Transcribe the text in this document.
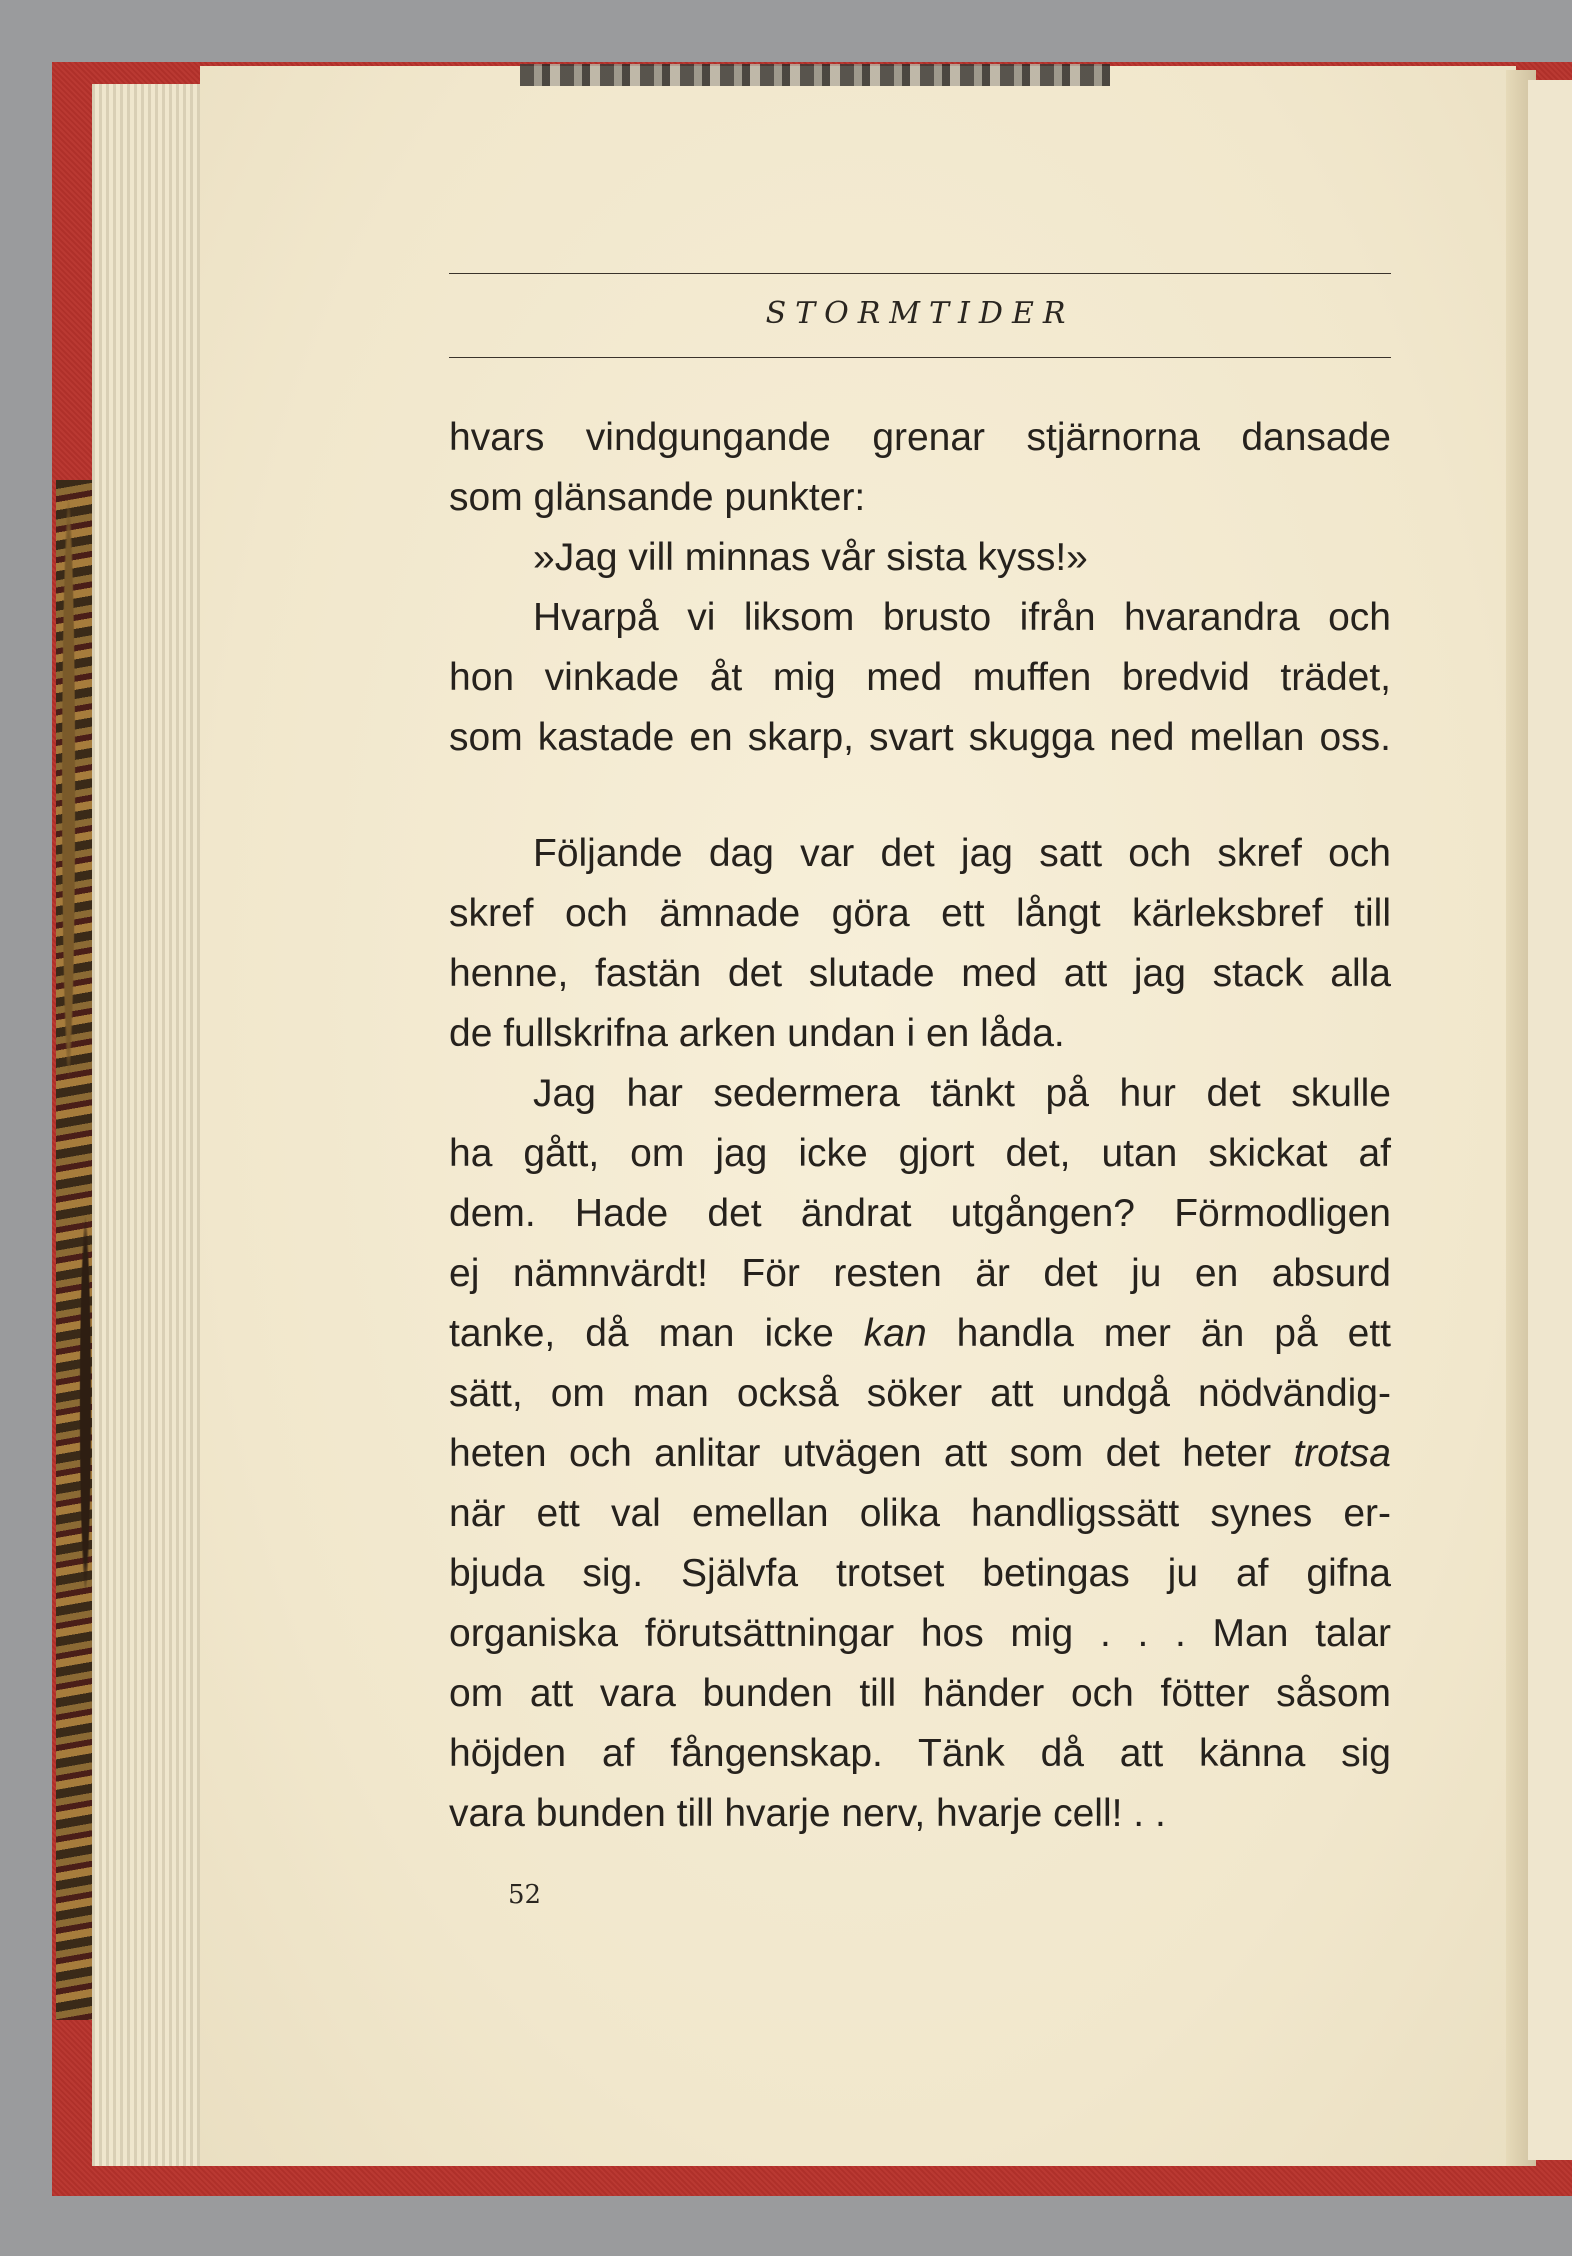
STORMTIDER
hvars vindgungande grenar stjärnorna dansade
som glänsande punkter:
»Jag vill minnas vår sista kyss!»
Hvarpå vi liksom brusto ifrån hvarandra och
hon vinkade åt mig med muffen bredvid trädet,
som kastade en skarp, svart skugga ned mellan oss.
Följande dag var det jag satt och skref och
skref och ämnade göra ett långt kärleksbref till
henne, fastän det slutade med att jag stack alla
de fullskrifna arken undan i en låda.
Jag har sedermera tänkt på hur det skulle
ha gått, om jag icke gjort det, utan skickat af
dem. Hade det ändrat utgången? Förmodligen
ej nämnvärdt! För resten är det ju en absurd
tanke, då man icke kan handla mer än på ett
sätt, om man också söker att undgå nödvändig-
heten och anlitar utvägen att som det heter trotsa
när ett val emellan olika handligssätt synes er-
bjuda sig. Självfa trotset betingas ju af gifna
organiska förutsättningar hos mig . . . Man talar
om att vara bunden till händer och fötter såsom
höjden af fångenskap. Tänk då att känna sig
vara bunden till hvarje nerv, hvarje cell! . .
52
